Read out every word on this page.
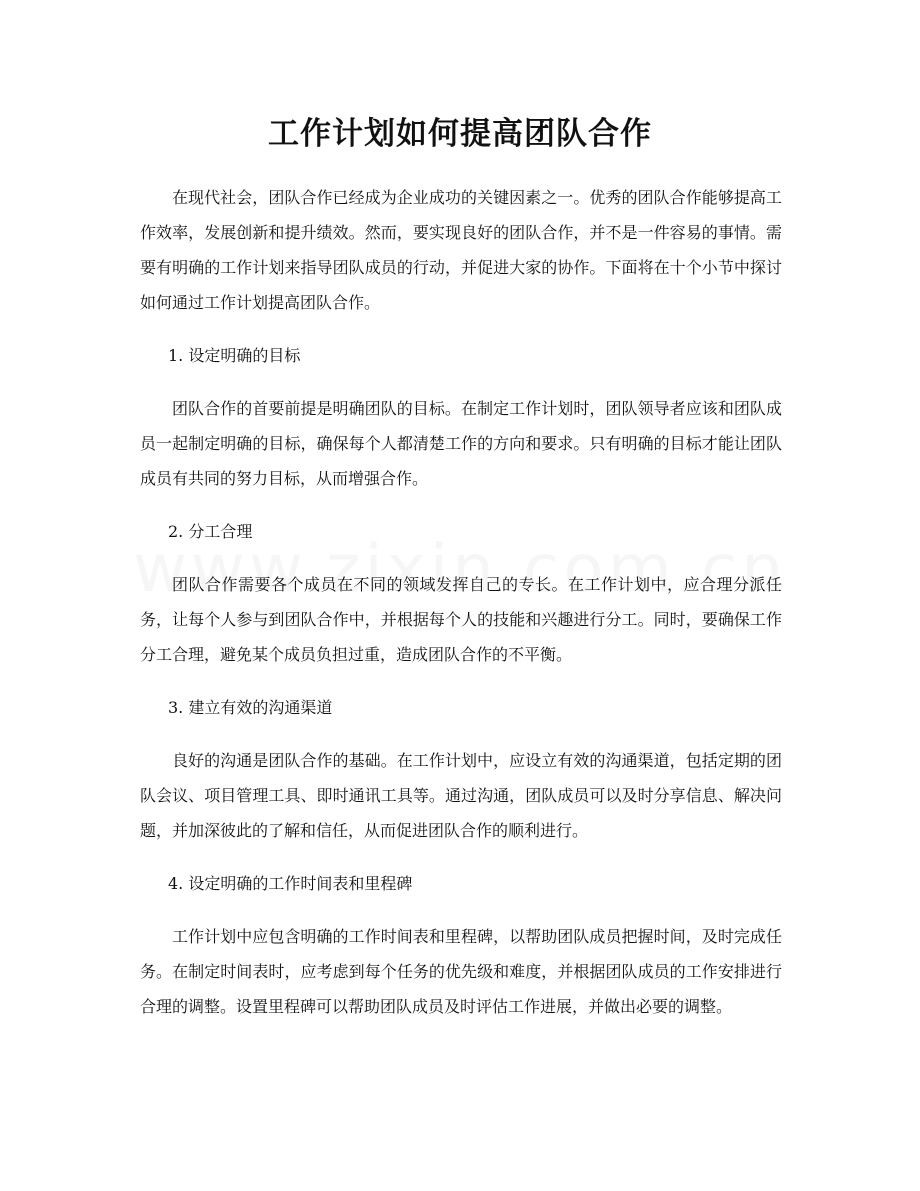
工作计划如何提高团队合作

在现代社会，团队合作已经成为企业成功的关键因素之一。优秀的团队合作能够提高工作效率，发展创新和提升绩效。然而，要实现良好的团队合作，并不是一件容易的事情。需要有明确的工作计划来指导团队成员的行动，并促进大家的协作。下面将在十个小节中探讨如何通过工作计划提高团队合作。

1. 设定明确的目标

团队合作的首要前提是明确团队的目标。在制定工作计划时，团队领导者应该和团队成员一起制定明确的目标，确保每个人都清楚工作的方向和要求。只有明确的目标才能让团队成员有共同的努力目标，从而增强合作。

2. 分工合理

团队合作需要各个成员在不同的领域发挥自己的专长。在工作计划中，应合理分派任务，让每个人参与到团队合作中，并根据每个人的技能和兴趣进行分工。同时，要确保工作分工合理，避免某个成员负担过重，造成团队合作的不平衡。

3. 建立有效的沟通渠道

良好的沟通是团队合作的基础。在工作计划中，应设立有效的沟通渠道，包括定期的团队会议、项目管理工具、即时通讯工具等。通过沟通，团队成员可以及时分享信息、解决问题，并加深彼此的了解和信任，从而促进团队合作的顺利进行。

4. 设定明确的工作时间表和里程碑

工作计划中应包含明确的工作时间表和里程碑，以帮助团队成员把握时间，及时完成任务。在制定时间表时，应考虑到每个任务的优先级和难度，并根据团队成员的工作安排进行合理的调整。设置里程碑可以帮助团队成员及时评估工作进展，并做出必要的调整。
